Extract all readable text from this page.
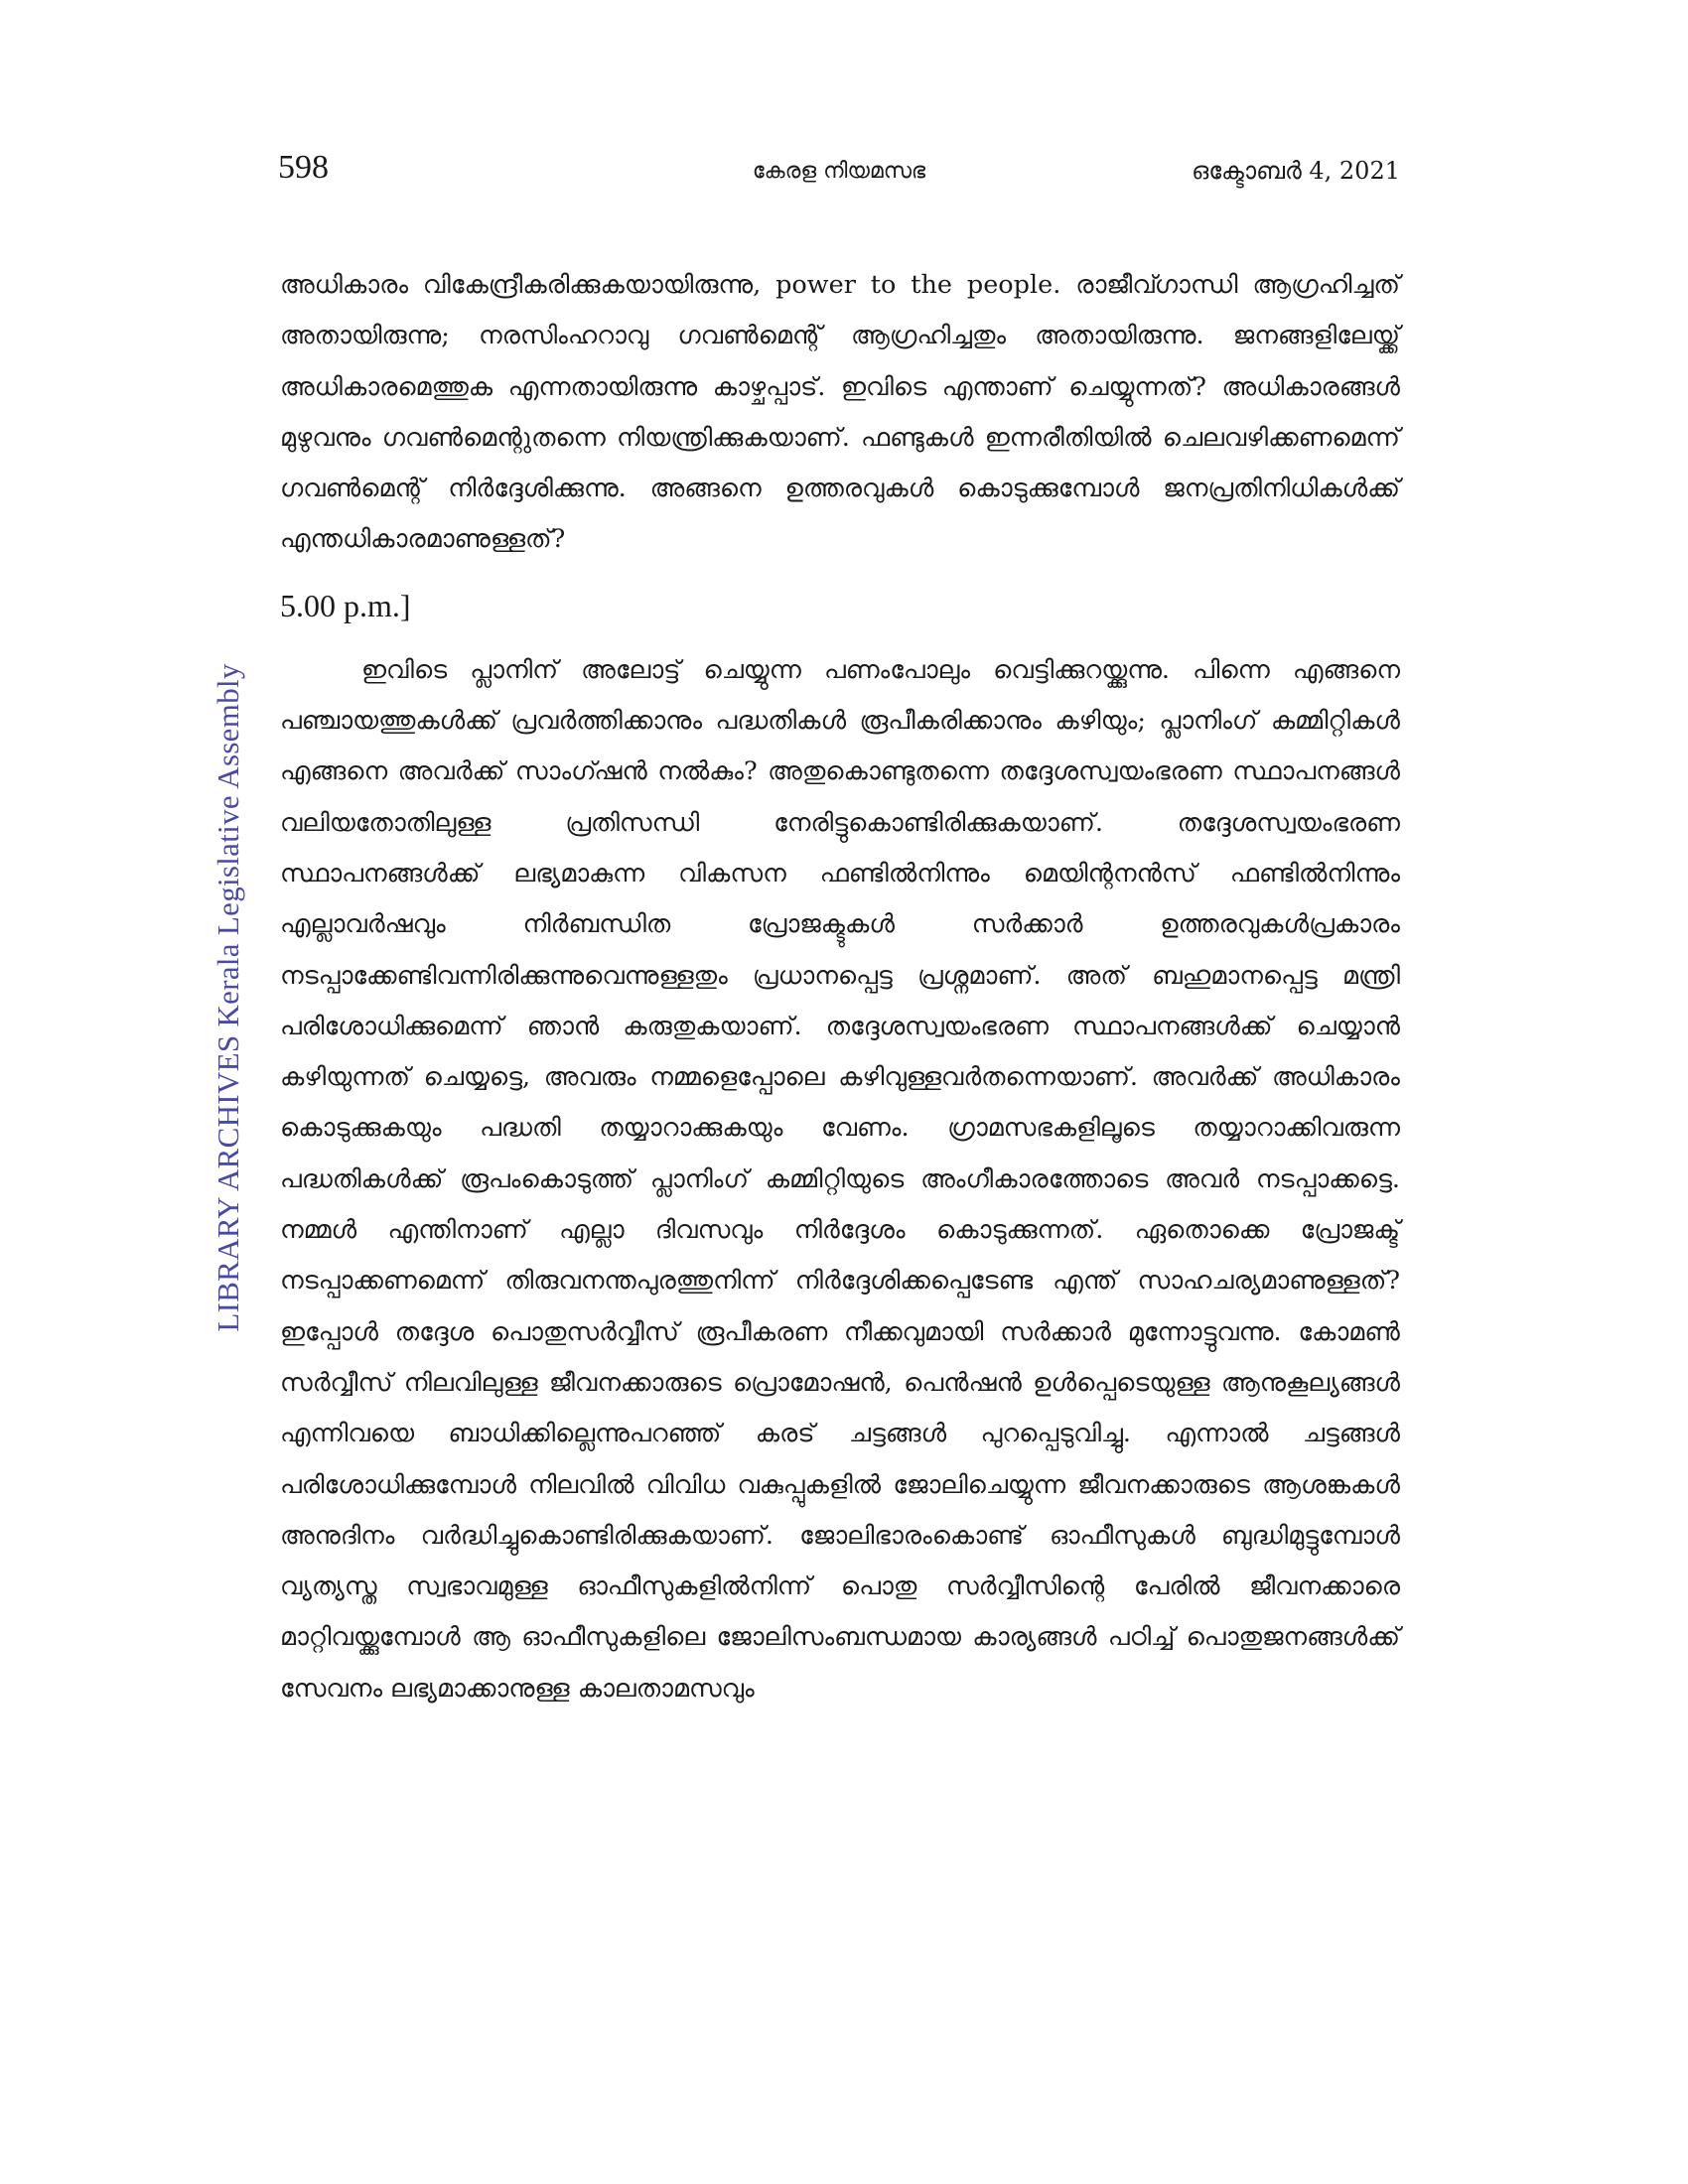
598	കേരള നിയമസഭ	ഒക്ടോബർ 4, 2021
LIBRARY ARCHIVES Kerala Legislative Assembly

അധികാരം വികേന്ദ്രീകരിക്കുകയായിരുന്നു, power to the people. രാജീവ്ഗാന്ധി ആഗ്രഹിച്ചത് അതായിരുന്നു; നരസിംഹറാവു ഗവൺമെന്റ് ആഗ്രഹിച്ചതും അതായിരുന്നു. ജനങ്ങളിലേയ്ക്ക് അധികാരമെത്തുക എന്നതായിരുന്നു കാഴ്ചപ്പാട്. ഇവിടെ എന്താണ് ചെയ്യുന്നത്? അധികാരങ്ങൾ മുഴുവനും ഗവൺമെന്റുതന്നെ നിയന്ത്രിക്കുകയാണ്. ഫണ്ടുകൾ ഇന്നരീതിയിൽ ചെലവഴിക്കണമെന്ന് ഗവൺമെന്റ് നിർദ്ദേശിക്കുന്നു. അങ്ങനെ ഉത്തരവുകൾ കൊടുക്കുമ്പോൾ ജനപ്രതിനിധികൾക്ക് എന്തധികാരമാണുള്ളത്?

5.00 p.m.]

ഇവിടെ പ്ലാനിന് അലോട്ട് ചെയ്യുന്ന പണംപോലും വെട്ടിക്കുറയ്ക്കുന്നു. പിന്നെ എങ്ങനെ പഞ്ചായത്തുകൾക്ക് പ്രവർത്തിക്കാനും പദ്ധതികൾ രൂപീകരിക്കാനും കഴിയും; പ്ലാനിംഗ് കമ്മിറ്റികൾ എങ്ങനെ അവർക്ക് സാംഗ്ഷൻ നൽകും? അതുകൊണ്ടുതന്നെ തദ്ദേശസ്വയംഭരണ സ്ഥാപനങ്ങൾ വലിയതോതിലുള്ള പ്രതിസന്ധി നേരിട്ടുകൊണ്ടിരിക്കുകയാണ്. തദ്ദേശസ്വയംഭരണ സ്ഥാപനങ്ങൾക്ക് ലഭ്യമാകുന്ന വികസന ഫണ്ടിൽനിന്നും മെയിന്റനൻസ് ഫണ്ടിൽനിന്നും എല്ലാവർഷവും നിർബന്ധിത പ്രോജക്ടുകൾ സർക്കാർ ഉത്തരവുകൾപ്രകാരം നടപ്പാക്കേണ്ടിവന്നിരിക്കുന്നുവെന്നുള്ളതും പ്രധാനപ്പെട്ട പ്രശ്നമാണ്. അത് ബഹുമാനപ്പെട്ട മന്ത്രി പരിശോധിക്കുമെന്ന് ഞാൻ കരുതുകയാണ്. തദ്ദേശസ്വയംഭരണ സ്ഥാപനങ്ങൾക്ക് ചെയ്യാൻ കഴിയുന്നത് ചെയ്യട്ടെ, അവരും നമ്മളെപ്പോലെ കഴിവുള്ളവർതന്നെയാണ്. അവർക്ക് അധികാരം കൊടുക്കുകയും പദ്ധതി തയ്യാറാക്കുകയും വേണം. ഗ്രാമസഭകളിലൂടെ തയ്യാറാക്കിവരുന്ന പദ്ധതികൾക്ക് രൂപംകൊടുത്ത് പ്ലാനിംഗ് കമ്മിറ്റിയുടെ അംഗീകാരത്തോടെ അവർ നടപ്പാക്കട്ടെ. നമ്മൾ എന്തിനാണ് എല്ലാ ദിവസവും നിർദ്ദേശം കൊടുക്കുന്നത്. ഏതൊക്കെ പ്രോജക്ട് നടപ്പാക്കണമെന്ന് തിരുവനന്തപുരത്തുനിന്ന് നിർദ്ദേശിക്കപ്പെടേണ്ട എന്ത് സാഹചര്യമാണുള്ളത്? ഇപ്പോൾ തദ്ദേശ പൊതുസർവ്വീസ് രൂപീകരണ നീക്കവുമായി സർക്കാർ മുന്നോട്ടുവന്നു. കോമൺ സർവ്വീസ് നിലവിലുള്ള ജീവനക്കാരുടെ പ്രൊമോഷൻ, പെൻഷൻ ഉൾപ്പെടെയുള്ള ആനുകൂല്യങ്ങൾ എന്നിവയെ ബാധിക്കില്ലെന്നുപറഞ്ഞ് കരട് ചട്ടങ്ങൾ പുറപ്പെടുവിച്ചു. എന്നാൽ ചട്ടങ്ങൾ പരിശോധിക്കുമ്പോൾ നിലവിൽ വിവിധ വകുപ്പുകളിൽ ജോലിചെയ്യുന്ന ജീവനക്കാരുടെ ആശങ്കകൾ അനുദിനം വർദ്ധിച്ചുകൊണ്ടിരിക്കുകയാണ്. ജോലിഭാരംകൊണ്ട് ഓഫീസുകൾ ബുദ്ധിമുട്ടുമ്പോൾ വ്യത്യസ്ത സ്വഭാവമുള്ള ഓഫീസുകളിൽനിന്ന് പൊതു സർവ്വീസിന്റെ പേരിൽ ജീവനക്കാരെ മാറ്റിവയ്ക്കുമ്പോൾ ആ ഓഫീസുകളിലെ ജോലിസംബന്ധമായ കാര്യങ്ങൾ പഠിച്ച് പൊതുജനങ്ങൾക്ക് സേവനം ലഭ്യമാക്കാനുള്ള കാലതാമസവും
